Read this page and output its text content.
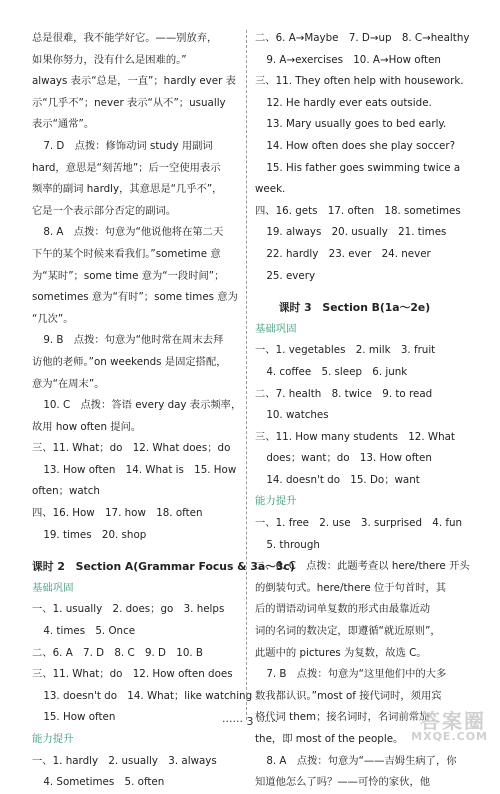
总是很难，我不能学好它。——别放弃，
如果你努力，没有什么是困难的。”
always 表示“总是，一直”；hardly ever 表
示“几乎不”；never 表示“从不”；usually
表示“通常”。
7. D　点拨：修饰动词 study 用副词
hard，意思是“刻苦地”；后一空使用表示
频率的副词 hardly，其意思是“几乎不”，
它是一个表示部分否定的副词。
8. A　点拨：句意为“他说他将在第二天
下午的某个时候来看我们。”sometime 意
为“某时”；some time 意为“一段时间”；
sometimes 意为“有时”；some times 意为
“几次”。
9. B　点拨：句意为“他时常在周末去拜
访他的老师。”on weekends 是固定搭配，
意为“在周末”。
10. C　点拨：答语 every day 表示频率，
故用 how often 提问。
三、11. What；do　12. What does；do
13. How often　14. What is　15. How
often；watch
四、16. How　17. how　18. often
19. times　20. shop
课时 2　Section A(Grammar Focus & 3a～3c)
基础巩固
一、1. usually　2. does；go　3. helps
4. times　5. Once
二、6. A　7. D　8. C　9. D　10. B
三、11. What；do　12. How often does
13. doesn't do　14. What；like watching
15. How often
能力提升
一、1. hardly　2. usually　3. always
4. Sometimes　5. often
二、6. A→Maybe　7. D→up　8. C→healthy
9. A→exercises　10. A→How often
三、11. They often help with housework.
12. He hardly ever eats outside.
13. Mary usually goes to bed early.
14. How often does she play soccer?
15. His father goes swimming twice a
week.
四、16. gets　17. often　18. sometimes
19. always　20. usually　21. times
22. hardly　23. ever　24. never
25. every
课时 3　Section B(1a～2e)
基础巩固
一、1. vegetables　2. milk　3. fruit
4. coffee　5. sleep　6. junk
二、7. health　8. twice　9. to read
10. watches
三、11. How many students　12. What
does；want；do　13. How often
14. doesn't do　15. Do；want
能力提升
一、1. free　2. use　3. surprised　4. fun
5. through
二、6. C　点拨：此题考查以 here/there 开头
的倒装句式。here/there 位于句首时，其
后的谓语动词单复数的形式由最靠近动
词的名词的数决定，即遵循“就近原则”，
此题中的 pictures 为复数，故选 C。
7. B　点拨：句意为“这里他们中的大多
数我都认识。”most of 接代词时，须用宾
格代词 them；接名词时，名词前常加
the，即 most of the people。
8. A　点拨：句意为“——吉姆生病了，你
知道他怎么了吗？——可怜的家伙，他
······ 3 ······	答案圈
MXQE.COM
